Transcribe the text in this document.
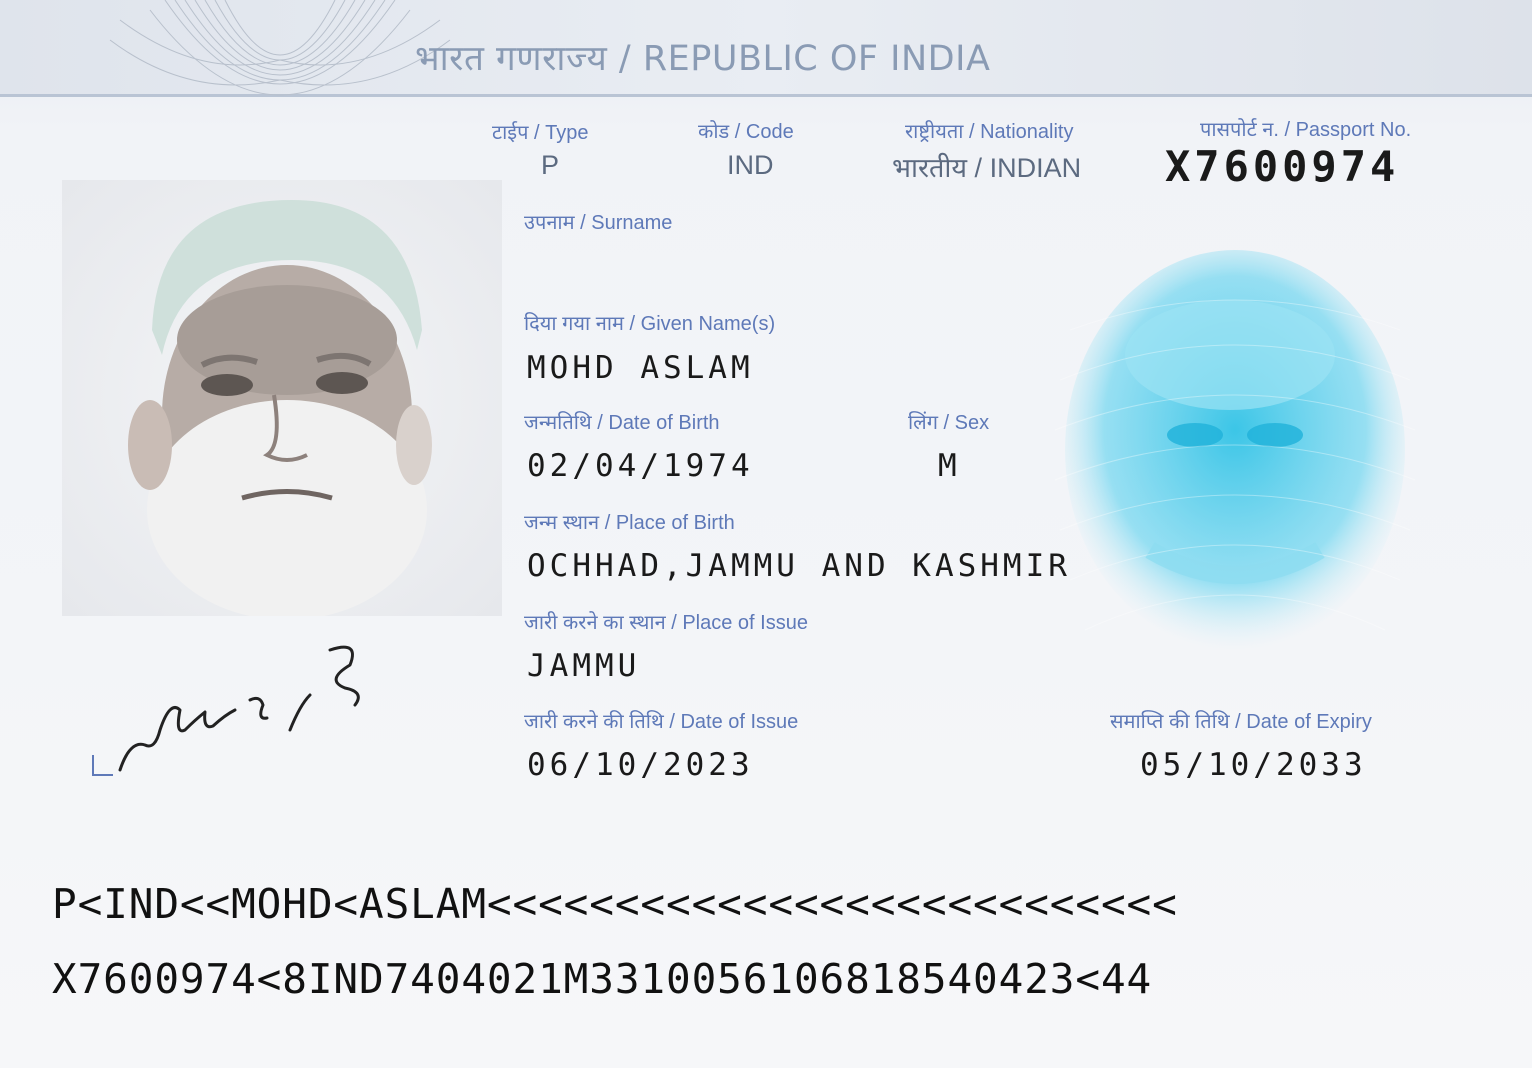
भारत गणराज्य / REPUBLIC OF INDIA
टाईप / Type
P
कोड / Code
IND
राष्ट्रीयता / Nationality
भारतीय / INDIAN
पासपोर्ट न. / Passport No.
X7600974
उपनाम / Surname
दिया गया नाम / Given Name(s)
MOHD ASLAM
जन्मतिथि / Date of Birth
02/04/1974
लिंग / Sex
M
जन्म स्थान / Place of Birth
OCHHAD,JAMMU AND KASHMIR
जारी करने का स्थान / Place of Issue
JAMMU
जारी करने की तिथि / Date of Issue
06/10/2023
समाप्ति की तिथि / Date of Expiry
05/10/2033
P<IND<<MOHD<ASLAM<<<<<<<<<<<<<<<<<<<<<<<<<<<
X7600974<8IND7404021M3310056106818540423<44
